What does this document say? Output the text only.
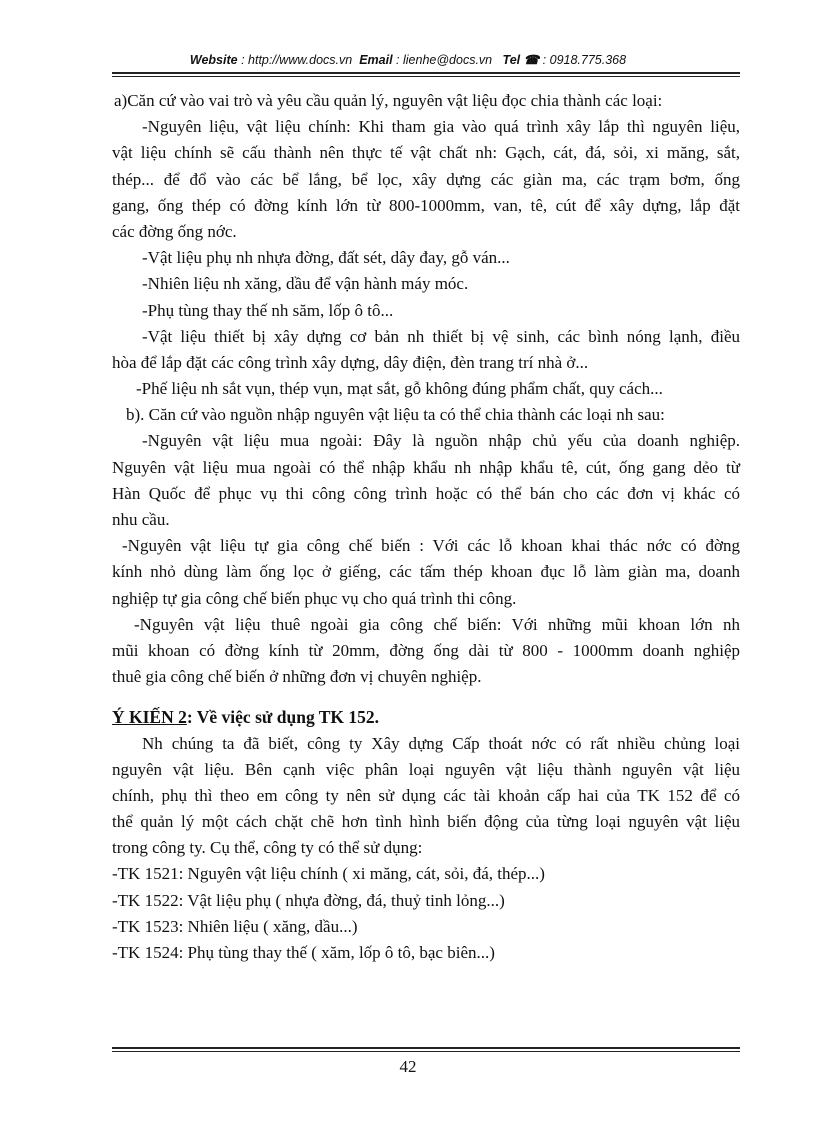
Website : http://www.docs.vn Email : lienhe@docs.vn Tel ☎ : 0918.775.368
a)Căn cứ vào vai trò và yêu cầu quản lý, nguyên vật liệu đọc chia thành các loại:
-Nguyên liệu, vật liệu chính: Khi tham gia vào quá trình xây lắp thì nguyên liệu,
vật liệu chính sẽ cấu thành nên thực tế vật chất nh: Gạch, cát, đá, sỏi, xi măng, sắt,
thép... để đổ vào các bể lắng, bể lọc, xây dựng các giàn ma, các trạm bơm, ống
gang, ống thép có đờng kính lớn từ 800-1000mm, van, tê, cút để xây dựng, lắp đặt
các đờng ống nớc.
-Vật liệu phụ nh nhựa đờng, đất sét, dây đay, gỗ ván...
-Nhiên liệu nh xăng, dầu để vận hành máy móc.
-Phụ tùng thay thế nh săm, lốp ô tô...
-Vật liệu thiết bị xây dựng cơ bản nh thiết bị vệ sinh, các bình nóng lạnh, điều
hòa để lắp đặt các công trình xây dựng, dây điện, đèn trang trí nhà ở...
-Phế liệu nh sắt vụn, thép vụn, mạt sắt, gỗ không đúng phẩm chất, quy cách...
b). Căn cứ vào nguồn nhập nguyên vật liệu ta có thể chia thành các loại nh sau:
-Nguyên vật liệu mua ngoài: Đây là nguồn nhập chủ yếu của doanh nghiệp.
Nguyên vật liệu mua ngoài có thể nhập khẩu nh nhập khẩu tê, cút, ống gang dẻo từ
Hàn Quốc để phục vụ thi công công trình hoặc có thể bán cho các đơn vị khác có
nhu cầu.
-Nguyên vật liệu tự gia công chế biến : Với các lỗ khoan khai thác nớc có đờng
kính nhỏ dùng làm ống lọc ở giếng, các tấm thép khoan đục lỗ làm giàn ma, doanh
nghiệp tự gia công chế biến phục vụ cho quá trình thi công.
-Nguyên vật liệu thuê ngoài gia công chế biến: Với những mũi khoan lớn nh
mũi khoan có đờng kính từ 20mm, đờng ống dài từ 800 - 1000mm doanh nghiệp
thuê gia công chế biến ở những đơn vị chuyên nghiệp.
Ý KIẾN 2: Về việc sử dụng TK 152.
Nh chúng ta đã biết, công ty Xây dựng Cấp thoát nớc có rất nhiều chủng loại
nguyên vật liệu. Bên cạnh việc phân loại nguyên vật liệu thành nguyên vật liệu
chính, phụ thì theo em công ty nên sử dụng các tài khoản cấp hai của TK 152 để có
thể quản lý một cách chặt chẽ hơn tình hình biến động của từng loại nguyên vật liệu
trong công ty. Cụ thể, công ty có thể sử dụng:
-TK 1521: Nguyên vật liệu chính ( xi măng, cát, sỏi, đá, thép...)
-TK 1522: Vật liệu phụ ( nhựa đờng, đá, thuỷ tinh lỏng...)
-TK 1523: Nhiên liệu ( xăng, dầu...)
-TK 1524: Phụ tùng thay thế ( xăm, lốp ô tô, bạc biên...)
42
